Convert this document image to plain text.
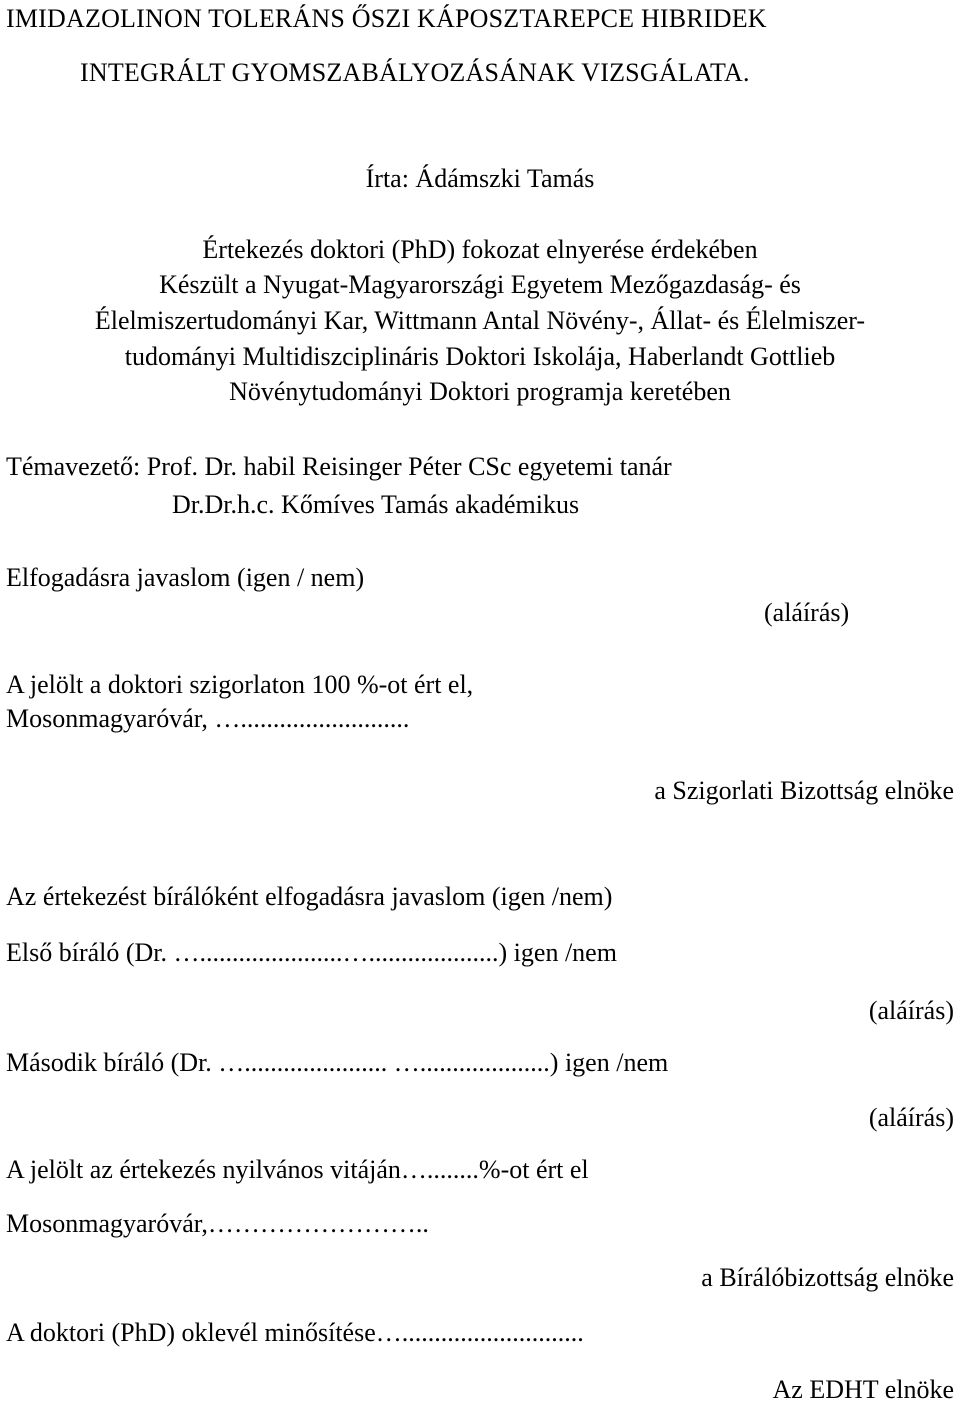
IMIDAZOLINON TOLERÁNS ŐSZI KÁPOSZTAREPCE HIBRIDEK
INTEGRÁLT GYOMSZABÁLYOZÁSÁNAK VIZSGÁLATA.
Írta: Ádámszki Tamás
Értekezés doktori (PhD) fokozat elnyerése érdekében
Készült a Nyugat-Magyarországi Egyetem Mezőgazdaság- és
Élelmiszertudományi Kar, Wittmann Antal Növény-, Állat- és Élelmiszer-
tudományi Multidiszciplináris Doktori Iskolája, Haberlandt Gottlieb
Növénytudományi Doktori programja keretében
Témavezető: Prof. Dr. habil Reisinger Péter CSc egyetemi tanár
Dr.Dr.h.c. Kőmíves Tamás akadémikus
Elfogadásra javaslom (igen / nem)
(aláírás)
A jelölt a doktori szigorlaton 100 %-ot ért el,
Mosonmagyaróvár, …..........................
a Szigorlati Bizottság elnöke
Az értekezést bírálóként elfogadásra javaslom (igen /nem)
Első bíráló (Dr. …......................…....................) igen /nem
(aláírás)
Második bíráló (Dr. …...................... …....................) igen /nem
(aláírás)
A jelölt az értekezés nyilvános vitáján…........%-ot ért el
Mosonmagyaróvár,……………………..
a Bírálóbizottság elnöke
A doktori (PhD) oklevél minősítése…............................
Az EDHT elnöke
